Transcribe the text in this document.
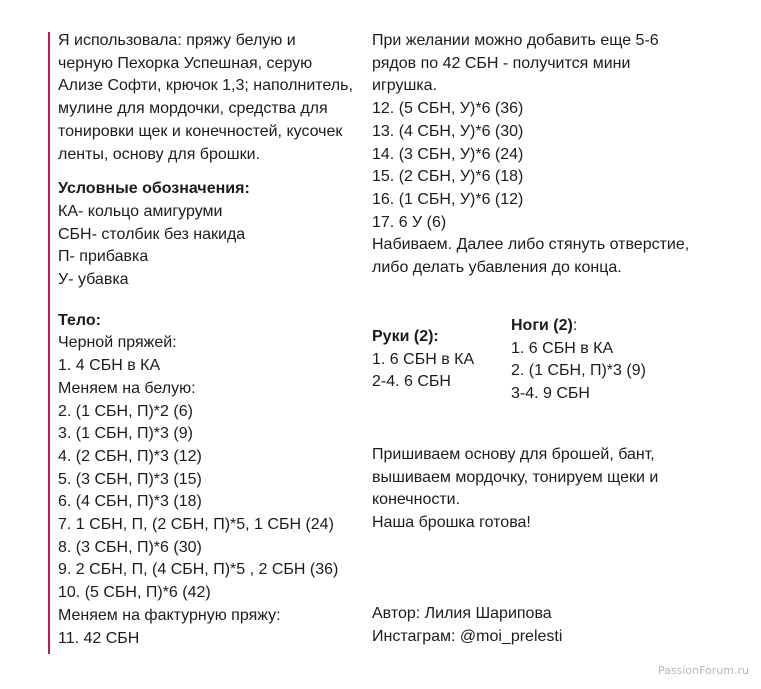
Я использовала: пряжу белую и
черную Пехорка Успешная, серую
Ализе Софти, крючок 1,3; наполнитель,
мулине для мордочки, средства для
тонировки щек и конечностей, кусочек
ленты, основу для брошки.
Условные обозначения:
КА- кольцо амигуруми
СБН- столбик без накида
П- прибавка
У- убавка
Тело:
Черной пряжей:
1. 4 СБН в КА
Меняем на белую:
2. (1 СБН, П)*2 (6)
3. (1 СБН, П)*3 (9)
4. (2 СБН, П)*3 (12)
5. (3 СБН, П)*3 (15)
6. (4 СБН, П)*3 (18)
7. 1 СБН, П, (2 СБН, П)*5, 1 СБН (24)
8. (3 СБН, П)*6 (30)
9. 2 СБН, П, (4 СБН, П)*5 , 2 СБН (36)
10. (5 СБН, П)*6 (42)
Меняем на фактурную пряжу:
11. 42 СБН
При желании можно добавить еще 5-6
рядов по 42 СБН - получится мини
игрушка.
12. (5 СБН, У)*6 (36)
13. (4 СБН, У)*6 (30)
14. (3 СБН, У)*6 (24)
15. (2 СБН, У)*6 (18)
16. (1 СБН, У)*6 (12)
17. 6 У (6)
Набиваем. Далее либо стянуть отверстие,
либо делать убавления до конца.
Руки (2):
1. 6 СБН в КА
2-4. 6 СБН
Ноги (2):
1. 6 СБН в КА
2. (1 СБН, П)*3 (9)
3-4. 9 СБН
Пришиваем основу для брошей, бант,
вышиваем мордочку, тонируем щеки и
конечности.
Наша брошка готова!
Автор: Лилия Шарипова
Инстаграм: @moi_prelesti
PassionForum.ru
